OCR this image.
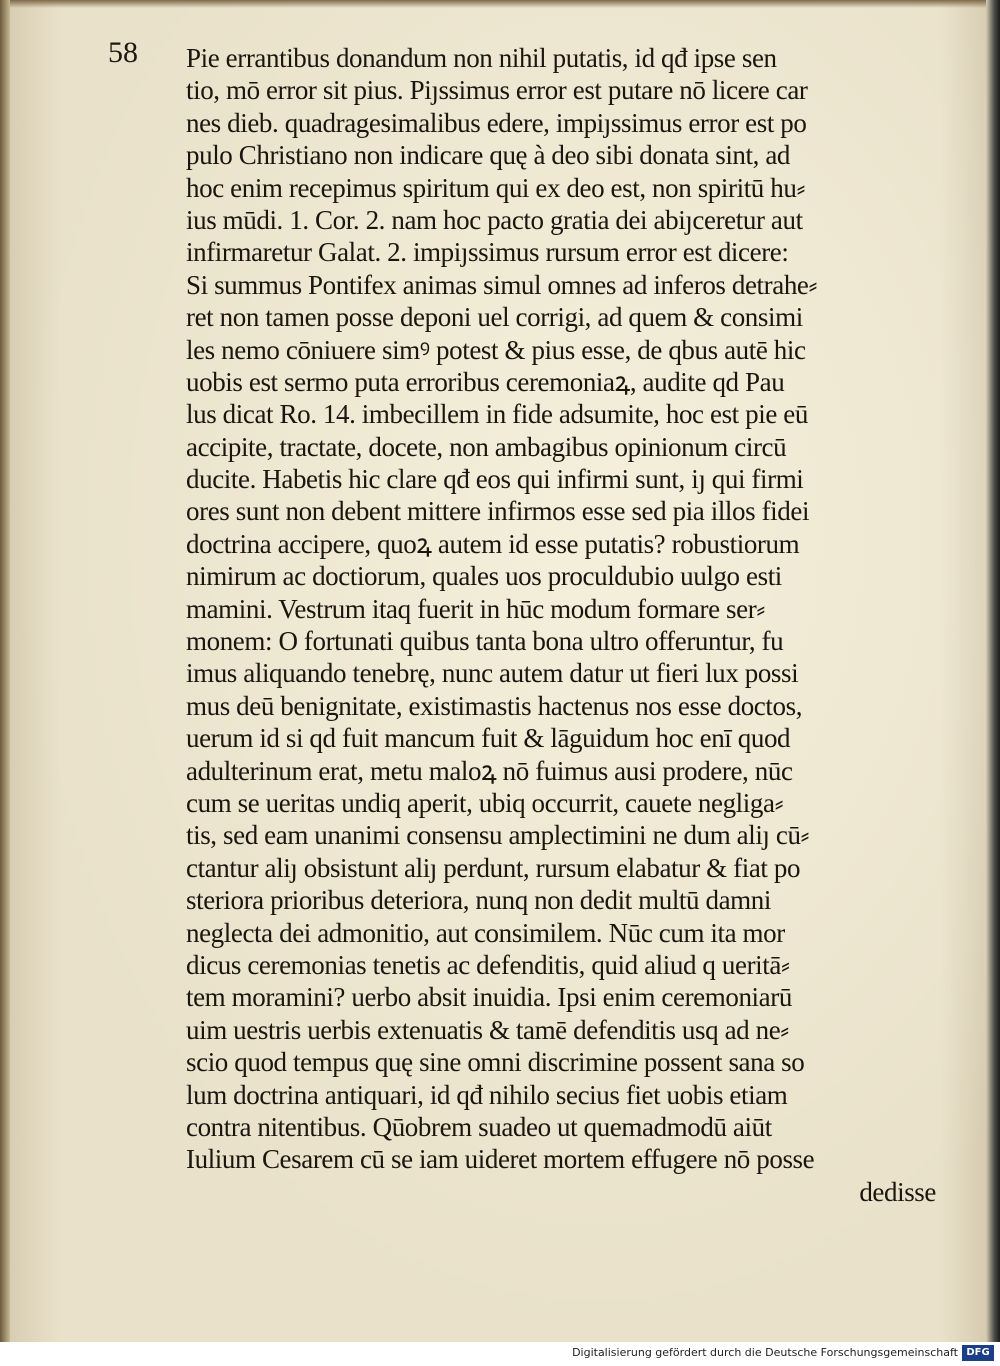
58 Pie errantibus donandum non nihil putatis, id qđ ipse sen
tio, mō error sit pius. Piȷssimus error est putare nō licere car
nes dieb. quadragesimalibus edere, impiȷssimus error est po
pulo Christiano non indicare quę à deo sibi donata sint, ad
hoc enim recepimus spiritum qui ex deo est, non spiritū hu⸗
ius mūdi. 1. Cor. 2. nam hoc pacto gratia dei abiȷceretur aut
infirmaretur Galat. 2. impiȷssimus rursum error est dicere:
Si summus Pontifex animas simul omnes ad inferos detrahe⸗
ret non tamen posse deponi uel corrigi, ad quem & consimi
les nemo cōniuere simꝰ potest & pius esse, de qbus autē hic
uobis est sermo puta erroribus ceremoniaꝝ, audite qd Pau
lus dicat Ro. 14. imbecillem in fide adsumite, hoc est pie eū
accipite, tractate, docete, non ambagibus opinionum circū
ducite. Habetis hic clare qđ eos qui infirmi sunt, iȷ qui firmi
ores sunt non debent mittere infirmos esse sed pia illos fidei
doctrina accipere, quoꝝ autem id esse putatis? robustiorum
nimirum ac doctiorum, quales uos proculdubio uulgo esti
mamini. Vestrum itaq fuerit in hūc modum formare ser⸗
monem: O fortunati quibus tanta bona ultro offeruntur, fu
imus aliquando tenebrę, nunc autem datur ut fieri lux possi
mus deū benignitate, existimastis hactenus nos esse doctos,
uerum id si qd fuit mancum fuit & lāguidum hoc enī quod
adulterinum erat, metu maloꝝ nō fuimus ausi prodere, nūc
cum se ueritas undiq aperit, ubiq occurrit, cauete negliga⸗
tis, sed eam unanimi consensu amplectimini ne dum aliȷ cū⸗
ctantur aliȷ obsistunt aliȷ perdunt, rursum elabatur & fiat po
steriora prioribus deteriora, nunq non dedit multū damni
neglecta dei admonitio, aut consimilem. Nūc cum ita mor
dicus ceremonias tenetis ac defenditis, quid aliud q ueritā⸗
tem moramini? uerbo absit inuidia. Ipsi enim ceremoniarū
uim uestris uerbis extenuatis & tamē defenditis usq ad ne⸗
scio quod tempus quę sine omni discrimine possent sana so
lum doctrina antiquari, id qđ nihilo secius fiet uobis etiam
contra nitentibus. Qūobrem suadeo ut quemadmodū aiūt
Iulium Cesarem cū se iam uideret mortem effugere nō posse
dedisse
Digitalisierung gefördert durch die Deutsche Forschungsgemeinschaft DFG
